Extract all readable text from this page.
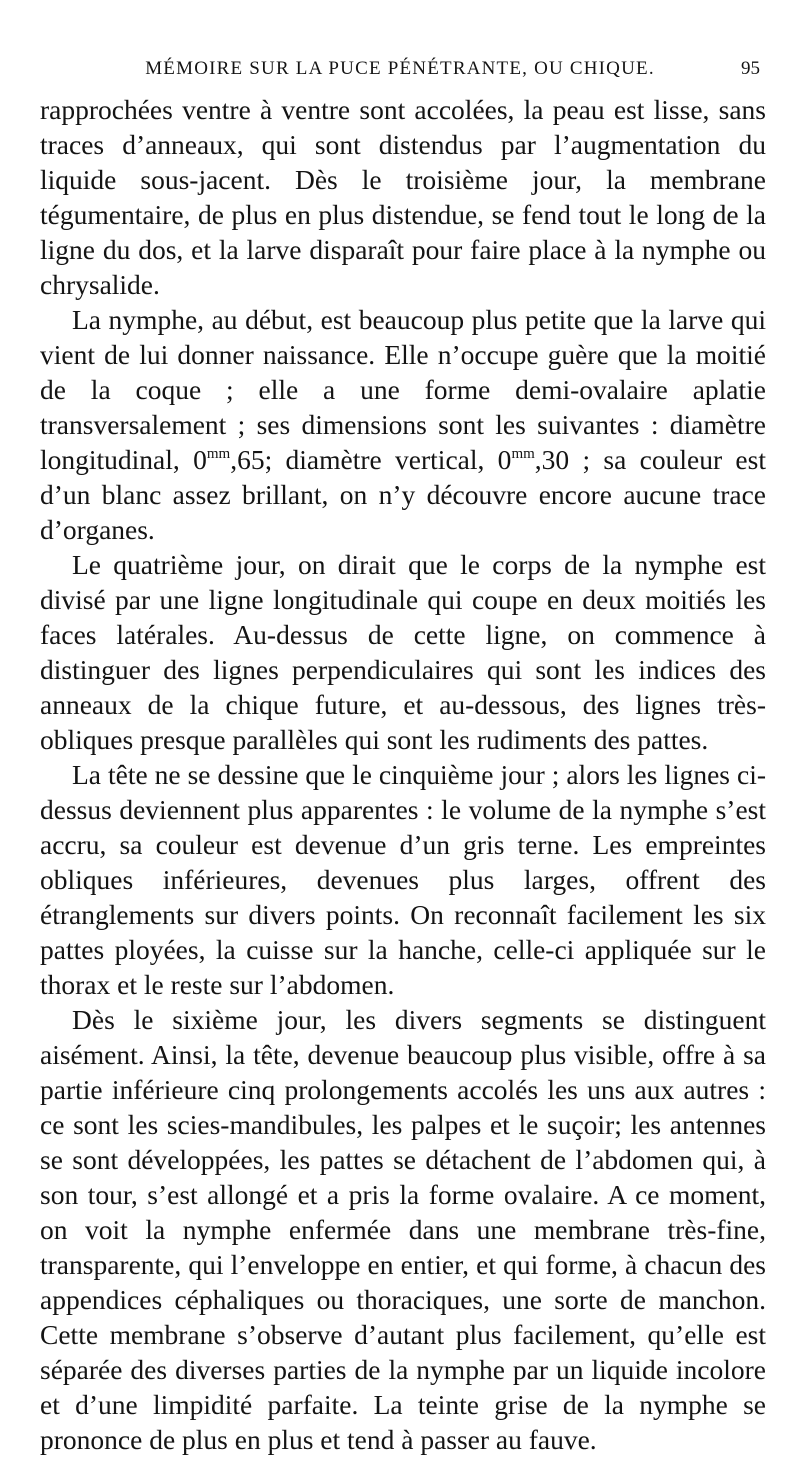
MÉMOIRE SUR LA PUCE PÉNÉTRANTE, OU CHIQUE.	95

rapprochées ventre à ventre sont accolées, la peau est lisse, sans traces d’anneaux, qui sont distendus par l’augmentation du liquide sous-jacent. Dès le troisième jour, la membrane tégumentaire, de plus en plus distendue, se fend tout le long de la ligne du dos, et la larve disparaît pour faire place à la nymphe ou chrysalide.

La nymphe, au début, est beaucoup plus petite que la larve qui vient de lui donner naissance. Elle n’occupe guère que la moitié de la coque ; elle a une forme demi-ovalaire aplatie transversalement ; ses dimensions sont les suivantes : diamètre longitudinal, $0^{mm},65$; diamètre vertical, $0^{mm},30$ ; sa couleur est d’un blanc assez brillant, on n’y découvre encore aucune trace d’organes.

Le quatrième jour, on dirait que le corps de la nymphe est divisé par une ligne longitudinale qui coupe en deux moitiés les faces latérales. Au-dessus de cette ligne, on commence à distinguer des lignes perpendiculaires qui sont les indices des anneaux de la chique future, et au-dessous, des lignes très-obliques presque parallèles qui sont les rudiments des pattes.

La tête ne se dessine que le cinquième jour ; alors les lignes ci-dessus deviennent plus apparentes : le volume de la nymphe s’est accru, sa couleur est devenue d’un gris terne. Les empreintes obliques inférieures, devenues plus larges, offrent des étranglements sur divers points. On reconnaît facilement les six pattes ployées, la cuisse sur la hanche, celle-ci appliquée sur le thorax et le reste sur l’abdomen.

Dès le sixième jour, les divers segments se distinguent aisément. Ainsi, la tête, devenue beaucoup plus visible, offre à sa partie inférieure cinq prolongements accolés les uns aux autres : ce sont les scies-mandibules, les palpes et le suçoir; les antennes se sont développées, les pattes se détachent de l’abdomen qui, à son tour, s’est allongé et a pris la forme ovalaire. A ce moment, on voit la nymphe enfermée dans une membrane très-fine, transparente, qui l’enveloppe en entier, et qui forme, à chacun des appendices céphaliques ou thoraciques, une sorte de manchon. Cette membrane s’observe d’autant plus facilement, qu’elle est séparée des diverses parties de la nymphe par un liquide incolore et d’une limpidité parfaite. La teinte grise de la nymphe se prononce de plus en plus et tend à passer au fauve.
